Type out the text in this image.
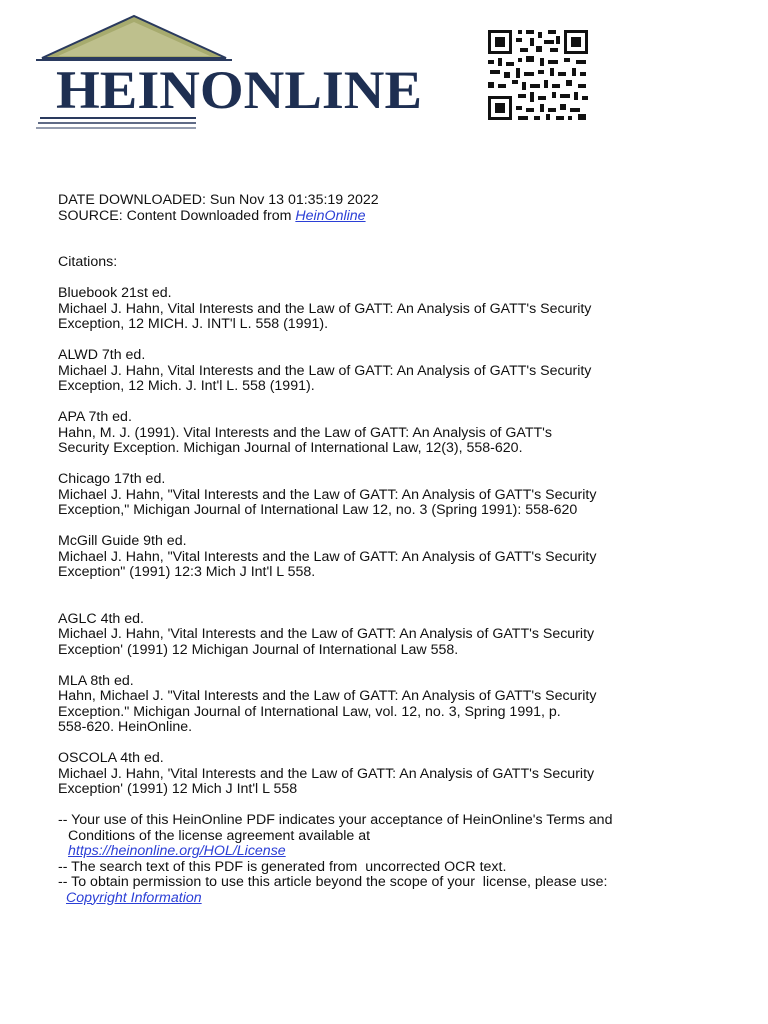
HEINONLINE
DATE DOWNLOADED: Sun Nov 13 01:35:19 2022
SOURCE: Content Downloaded from HeinOnline
Citations:
Bluebook 21st ed.
Michael J. Hahn, Vital Interests and the Law of GATT: An Analysis of GATT's Security
Exception, 12 MICH. J. INT'l L. 558 (1991).
ALWD 7th ed.
Michael J. Hahn, Vital Interests and the Law of GATT: An Analysis of GATT's Security
Exception, 12 Mich. J. Int'l L. 558 (1991).
APA 7th ed.
Hahn, M. J. (1991). Vital Interests and the Law of GATT: An Analysis of GATT's
Security Exception. Michigan Journal of International Law, 12(3), 558-620.
Chicago 17th ed.
Michael J. Hahn, "Vital Interests and the Law of GATT: An Analysis of GATT's Security
Exception," Michigan Journal of International Law 12, no. 3 (Spring 1991): 558-620
McGill Guide 9th ed.
Michael J. Hahn, "Vital Interests and the Law of GATT: An Analysis of GATT's Security
Exception" (1991) 12:3 Mich J Int'l L 558.
AGLC 4th ed.
Michael J. Hahn, 'Vital Interests and the Law of GATT: An Analysis of GATT's Security
Exception' (1991) 12 Michigan Journal of International Law 558.
MLA 8th ed.
Hahn, Michael J. "Vital Interests and the Law of GATT: An Analysis of GATT's Security
Exception." Michigan Journal of International Law, vol. 12, no. 3, Spring 1991, p.
558-620. HeinOnline.
OSCOLA 4th ed.
Michael J. Hahn, 'Vital Interests and the Law of GATT: An Analysis of GATT's Security
Exception' (1991) 12 Mich J Int'l L 558
-- Your use of this HeinOnline PDF indicates your acceptance of HeinOnline's Terms and
Conditions of the license agreement available at
https://heinonline.org/HOL/License
-- The search text of this PDF is generated from  uncorrected OCR text.
-- To obtain permission to use this article beyond the scope of your  license, please use:
Copyright Information
